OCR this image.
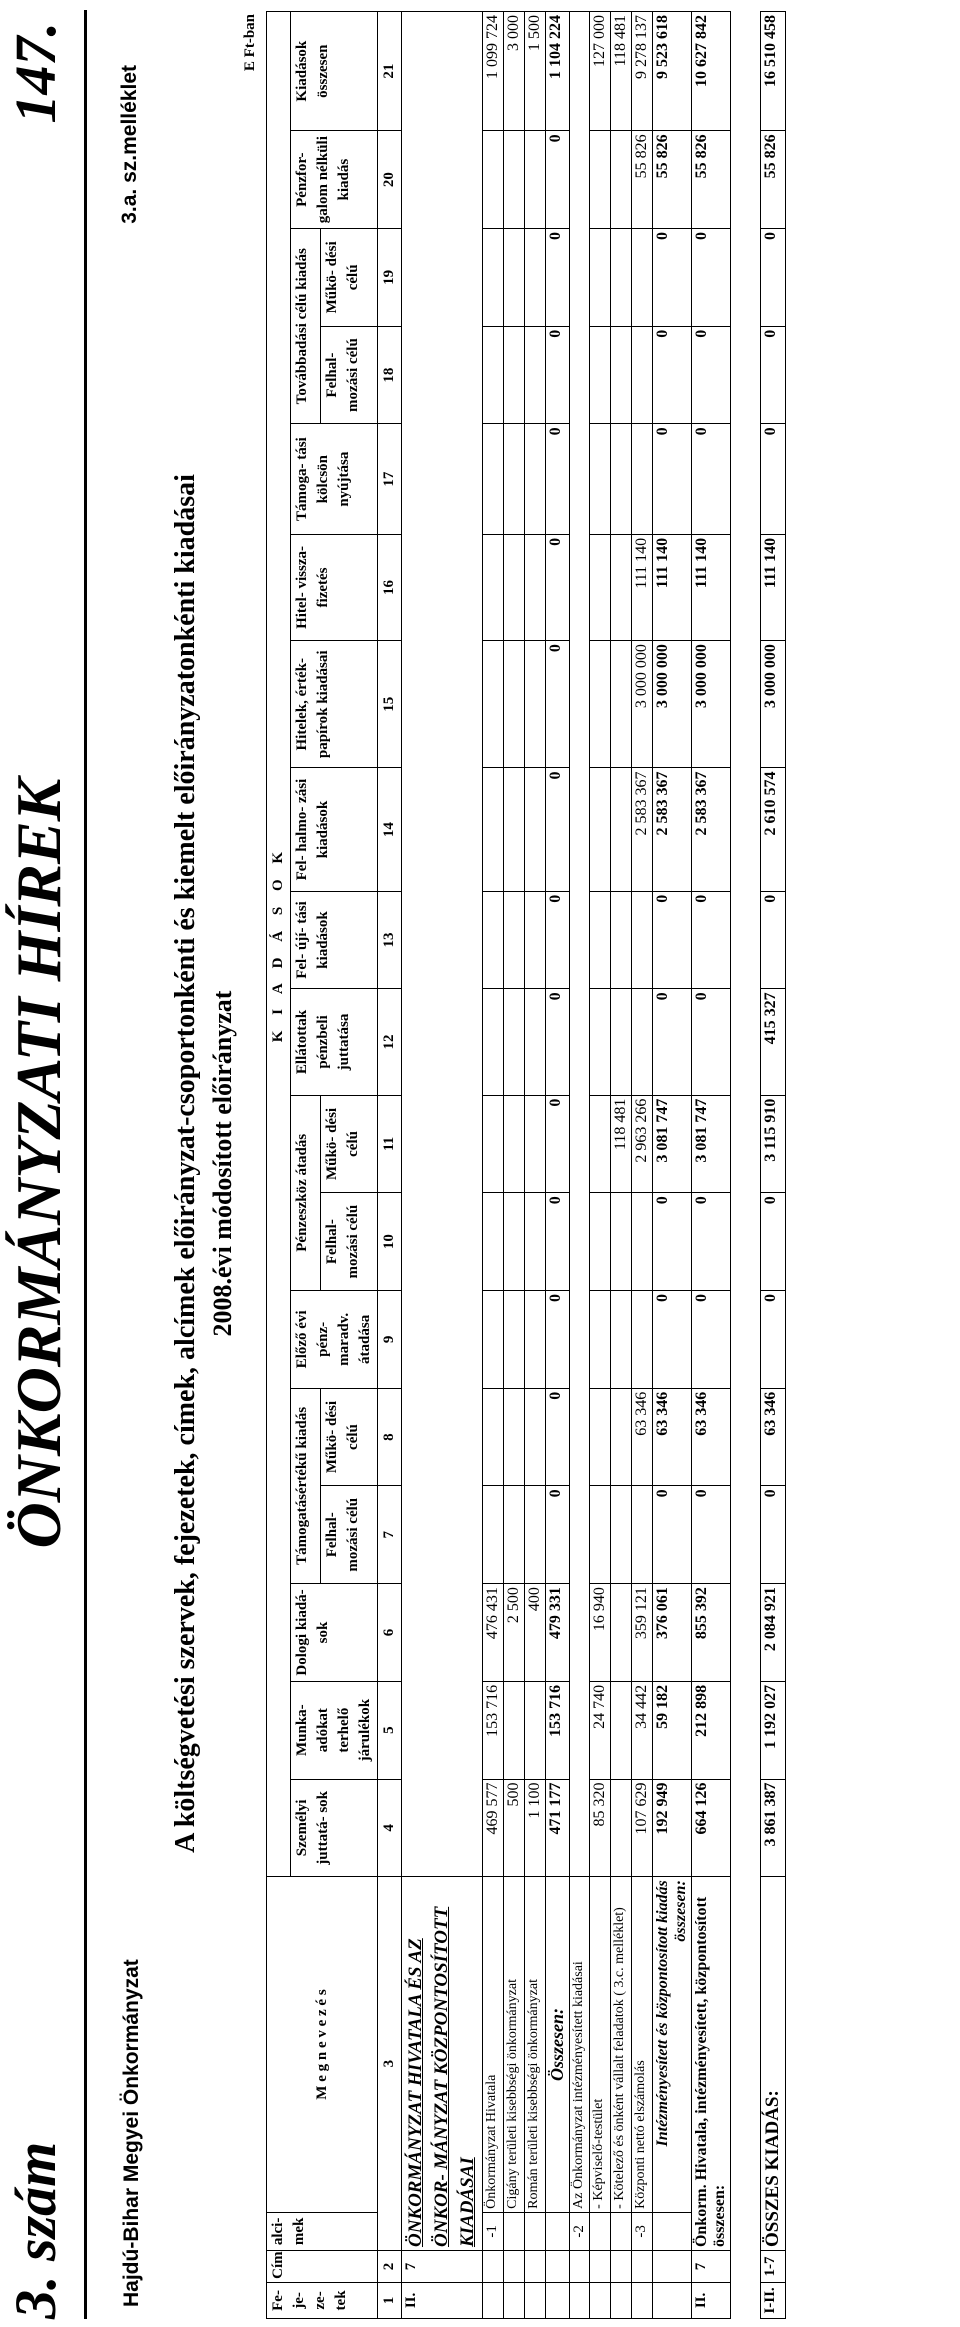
3. szám
ÖNKORMÁNYZATI HÍREK
147.
Hajdú-Bihar Megyei Önkormányzat
3.a. sz.melléklet
A költségvetési szervek, fejezetek, címek, alcímek előirányzat-csoportonkénti és kiemelt előirányzatonkénti kiadásai 2008.évi módosított előirányzat
E Ft-ban
Fe- je- ze- tek	Cím	alci- mek	M e g n e v e z é s	K I A D Á S O K																	
				Személyi juttatá- sok	Munka- adókat terhelő járulékok	Dologi kiadá- sok	Támogatásértékű kiadás		Előző évi pénz- maradv. átadása	Pénzeszköz átadás		Ellátottak pénzbeli juttatása	Fel- újí- tási kiadások	Fel- halmo- zási kiadások	Hitelek, érték- papírok kiadásai	Hitel- vissza- fizetés	Támoga- tási kölcsön nyújtása	Továbbadási célú kiadás		Pénzfor- galom nélküli kiadás	Kiadások összesen
							Felhal- mozási célú	Műkö- dési célú		Felhal- mozási célú	Műkö- dési célú							Felhal- mozási célú	Műkö- dési célú		
1	2	3		4	5	6	7	8	9	10	11	12	13	14	15	16	17	18	19	20	21
II.	7	ÖNKORMÁNYZAT HIVATALA ÉS AZ ÖNKOR- MÁNYZAT KÖZPONTOSÍTOTT KIADÁSAI																			
		-1	Önkormányzat Hivatala	469 577	153 716	476 431															1 099 724
			Cigány területi kisebbségi önkormányzat	500		2 500															3 000
			Román területi kisebbségi önkormányzat	1 100		400															1 500
			Összesen:	471 177	153 716	479 331	0	0	0	0	0	0	0	0	0	0	0	0	0	0	1 104 224
		-2	Az Önkormányzat intézményesített kiadásai																		
			- Képviselő-testület	85 320	24 740	16 940															127 000
			- Kötelező és önként vállalt feladatok ( 3.c. melléklet)								118 481										118 481
		-3	Központi nettó elszámolás	107 629	34 442	359 121		63 346			2 963 266			2 583 367	3 000 000	111 140				55 826	9 278 137
			Intézményesített és központosított kiadás összesen:	192 949	59 182	376 061	0	63 346	0	0	3 081 747	0	0	2 583 367	3 000 000	111 140	0	0	0	55 826	9 523 618
II.	7	Önkorm. Hivatala, intézményesített, központosított összesen:		664 126	212 898	855 392	0	63 346	0	0	3 081 747	0	0	2 583 367	3 000 000	111 140	0	0	0	55 826	10 627 842

I-II.	1-7	ÖSSZES KIADÁS:		3 861 387	1 192 027	2 084 921	0	63 346	0	0	3 115 910	415 327	0	2 610 574	3 000 000	111 140	0	0	0	55 826	16 510 458
